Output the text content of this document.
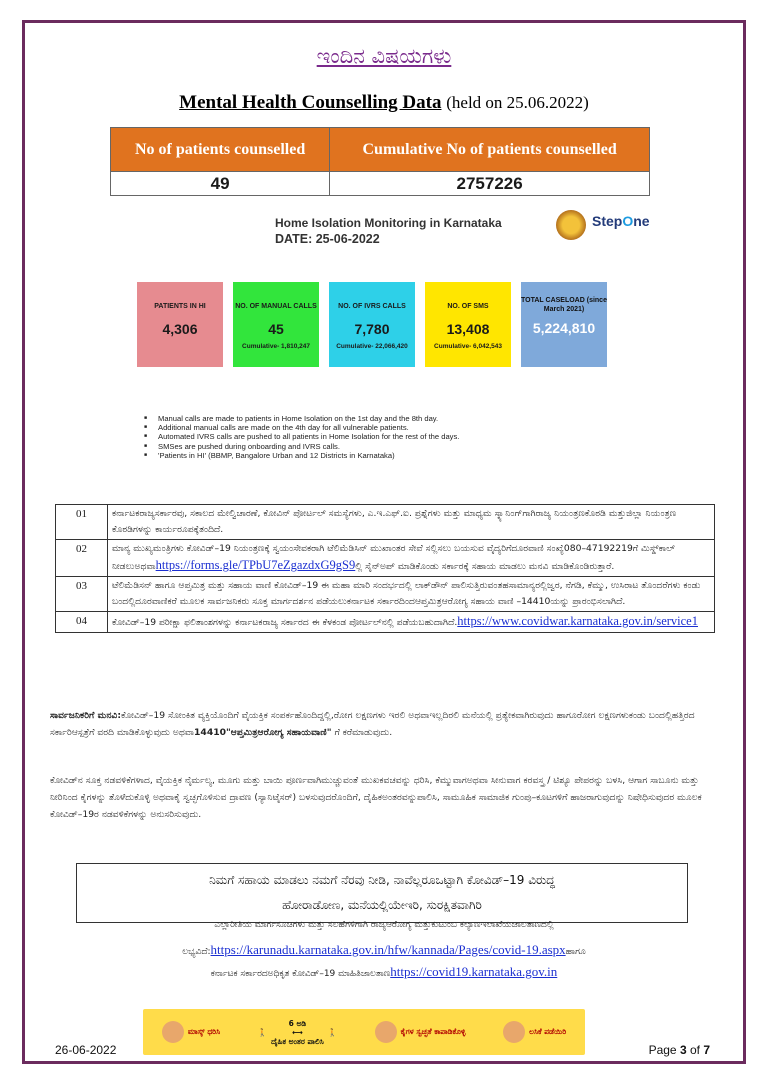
ಇಂದಿನ ವಿಷಯಗಳು
Mental Health Counselling Data (held on 25.06.2022)
No of patients counselled	Cumulative No of patients counselled
49	2757226
Home Isolation Monitoring in Karnataka
DATE: 25-06-2022
StepOne
PATIENTS IN HI
4,306
NO. OF MANUAL CALLS
45
Cumulative- 1,810,247
NO. OF IVRS CALLS
7,780
Cumulative- 22,066,420
NO. OF SMS
13,408
Cumulative- 6,042,543
TOTAL CASELOAD (since March 2021)
5,224,810
■ Manual calls are made to patients in Home Isolation on the 1st day and the 8th day.
■ Additional manual calls are made on the 4th day for all vulnerable patients.
■ Automated IVRS calls are pushed to all patients in Home Isolation for the rest of the days.
■ SMSes are pushed during onboarding and IVRS calls.
■ 'Patients in HI' (BBMP, Bangalore Urban and 12 Districts in Karnataka)
01	ಕರ್ನಾಟಕರಾಜ್ಯಸರ್ಕಾರವು, ಸಕಾಲದ ಮೇಲ್ವಿಚಾರಣೆ, ಕೋವಿನ್ ಪೋರ್ಟಲ್ ಸಮಸ್ಯೆಗಳು, ಎ.ಇ.ಎಫ್.ಐ. ಪ್ರಶ್ನೆಗಳು ಮತ್ತು ಮಾಧ್ಯಮ ಸ್ಕ್ಯಾನಿಂಗ್‌ಗಾಗಿರಾಜ್ಯ ನಿಯಂತ್ರಣಕೊಠಡಿ ಮತ್ತುಜಿಲ್ಲಾ ನಿಯಂತ್ರಣ ಕೊಠಡಿಗಳನ್ನು ಕಾರ್ಯರೂಪಕ್ಕೆತಂದಿದೆ.
02	ಮಾನ್ಯ ಮುಖ್ಯಮಂತ್ರಿಗಳು ಕೋವಿಡ್–19 ನಿಯಂತ್ರಣಕ್ಕೆ ಸ್ವಯಂಸೇವಕರಾಗಿ ಟೆಲಿಮೆಡಿಸಿನ್ ಮುಖಾಂತರ ಸೇವೆ ಸಲ್ಲಿಸಲು ಬಯಸುವ ವೈದ್ಯರಿಗೆದೂರವಾಣಿ ಸಂಖ್ಯೆ080–47192219ಗೆ ಮಿಸ್ಡ್‌ಕಾಲ್ ನೀಡಲುಅಥವಾhttps://forms.gle/TPbU7eZgazdxG9gS9ಲ್ಲಿ ಸೈನ್‌ಅಪ್ ಮಾಡಿಕೊಂಡು ಸರ್ಕಾರಕ್ಕೆ ಸಹಾಯ ಮಾಡಲು ಮನವಿ ಮಾಡಿಕೊಂಡಿರುತ್ತಾರೆ.
03	ಟೆಲಿಮೆಡಿಸನ್ ಹಾಗೂ ಆಪ್ತಮಿತ್ರ ಮತ್ತು ಸಹಾಯ ವಾಣಿ ಕೋವಿಡ್–19 ಈ ಮಹಾ ಮಾರಿ ಸಂದರ್ಭದಲ್ಲಿ ಲಾಕ್‌ಡೌನ್ ಪಾಲಿಸುತ್ತಿರುವಂತಹಸಾಮಾನ್ಯರಲ್ಲಿಜ್ವರ, ನೆಗಡಿ, ಕೆಮ್ಮು, ಉಸಿರಾಟ ತೊಂದರೆಗಳು ಕಂಡು ಬಂದಲ್ಲಿದೂರವಾಣಿಕರೆ ಮೂಲಕ ಸಾರ್ವಜನಿಕರು ಸೂಕ್ತ ಮಾರ್ಗದರ್ಶನ ಪಡೆಯಲುಕರ್ನಾಟಕ ಸರ್ಕಾರದಿಂದಆಪ್ತಮಿತ್ರಆರೋಗ್ಯ ಸಹಾಯ ವಾಣಿ –14410ಯನ್ನು ಪ್ರಾರಂಭಿಸಲಾಗಿದೆ.
04	ಕೋವಿಡ್–19 ಪರೀಕ್ಷಾ ಫಲಿತಾಂಶಗಳನ್ನು ಕರ್ನಾಟಕರಾಜ್ಯ ಸರ್ಕಾರದ ಈ ಕೆಳಕಂಡ ಪೋರ್ಟಲ್‌ನಲ್ಲಿ ಪಡೆಯಬಹುದಾಗಿದೆ.https://www.covidwar.karnataka.gov.in/service1
ಸಾರ್ವಜನಿಕರಿಗೆ ಮನವಿ:ಕೋವಿಡ್–19 ಸೋಂಕಿತ ವ್ಯಕ್ತಿಯೊಂದಿಗೆ ವೈಯಕ್ತಿಕ ಸಂಪರ್ಕಹೊಂದಿದ್ದಲ್ಲಿ,ರೋಗ ಲಕ್ಷಣಗಳು ಇರಲಿ ಅಥವಾಇಲ್ಲದಿರಲಿ ಮನೆಯಲ್ಲಿ ಪ್ರತ್ಯೇಕವಾಗಿರುವುದು ಹಾಗೂರೋಗ ಲಕ್ಷಣಗಳುಕಂಡು ಬಂದಲ್ಲಿಹತ್ತಿರದ ಸರ್ಕಾರಿಆಸ್ಪತ್ರೆಗೆ ವರದಿ ಮಾಡಿಕೊಳ್ಳುವುದು ಅಥವಾ14410"ಆಪ್ತಮಿತ್ರಆರೋಗ್ಯ ಸಹಾಯವಾಣಿ" ಗೆ ಕರೆಮಾಡುವುದು.
ಕೋವಿಡ್‌ನ ಸೂಕ್ತ ನಡವಳಿಕೆಗಳಾದ, ವೈಯಕ್ತಿಕ ನೈರ್ಮಲ್ಯ, ಮೂಗು ಮತ್ತು ಬಾಯಿ ಪೂರ್ಣವಾಗಿಮುಚ್ಚುವಂತೆ ಮುಖಕವಚವನ್ನು ಧರಿಸಿ, ಕೆಮ್ಮುವಾಗಅಥವಾ ಸೀನುವಾಗ ಕರವಸ್ತ್ರ / ಟಿಶ್ಯೂ ಪೇಪರನ್ನು ಬಳಸಿ, ಆಗಾಗ ಸಾಬೂನು ಮತ್ತು ನೀರಿನಿಂದ ಕೈಗಳನ್ನು ತೊಳೆದುಕೊಳ್ಳಿ ಅಥವಾಕೈ ಸ್ವಚ್ಛಗೊಳಿಸುವ ದ್ರಾವಣ (ಸ್ಯಾನಿಟೈಸರ್) ಬಳಸುವುದರೊಂದಿಗೆ, ದೈಹಿಕಅಂತರವನ್ನುಪಾಲಿಸಿ, ಸಾಮೂಹಿಕ ಸಾಮಾಜಿಕ ಗುಂಪು–ಕೂಟಗಳಿಗೆ ಹಾಜರಾಗುವುದನ್ನು ನಿಷೇಧಿಸುವುದರ ಮೂಲಕ ಕೋವಿಡ್–19ರ ನಡವಳಿಕೆಗಳನ್ನು ಅನುಸರಿಸುವುದು.
ನಿಮಗೆ ಸಹಾಯ ಮಾಡಲು ನಮಗೆ ನೆರವು ನೀಡಿ, ನಾವೆಲ್ಲರೂಒಟ್ಟಾಗಿ ಕೋವಿಡ್–19 ವಿರುದ್ಧ
ಹೋರಾಡೋಣ, ಮನೆಯಲ್ಲಿಯೇಇರಿ, ಸುರಕ್ಷಿತವಾಗಿರಿ
ಎಲ್ಲಾರೀತಿಯ ಮಾರ್ಗಸೂಚಿಗಳು ಮತ್ತು ಸಲಹೆಗಳಿಗಾಗಿ ರಾಜ್ಯಆರೋಗ್ಯ ಮತ್ತುಕುಟುಂಬ ಕಲ್ಯಾಣಇಲಾಖೆಯಜಾಲತಾಣದಲ್ಲಿ
ಲಭ್ಯವಿದೆ:https://karunadu.karnataka.gov.in/hfw/kannada/Pages/covid-19.aspxಹಾಗೂ
ಕರ್ನಾಟಕ ಸರ್ಕಾರದಅಧಿಕೃತ ಕೋವಿಡ್–19 ಮಾಹಿತಿಜಾಲತಾಣhttps://covid19.karnataka.gov.in
ಮಾಸ್ಕ್ ಧರಿಸಿ	🚶
6 ಅಡಿ
⟷
ದೈಹಿಕ ಅಂತರ ಪಾಲಿಸಿ
🚶	ಕೈಗಳ ಸ್ವಚ್ಛತೆ ಕಾಪಾಡಿಕೊಳ್ಳಿ	ಲಸಿಕೆ ಪಡೆಯಿರಿ
26-06-2022	Page 3 of 7
